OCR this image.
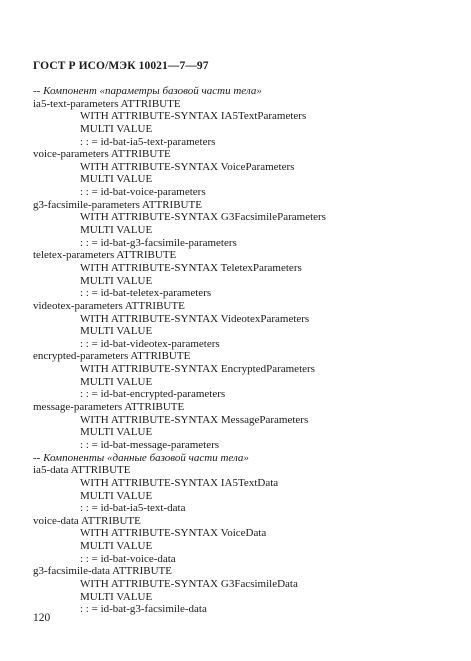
ГОСТ Р ИСО/МЭК 10021—7—97
-- Компонент «параметры базовой части тела»
ia5-text-parameters ATTRIBUTE
WITH ATTRIBUTE-SYNTAX IA5TextParameters
MULTI VALUE
: : = id-bat-ia5-text-parameters
voice-parameters ATTRIBUTE
WITH ATTRIBUTE-SYNTAX VoiceParameters
MULTI VALUE
: : = id-bat-voice-parameters
g3-facsimile-parameters ATTRIBUTE
WITH ATTRIBUTE-SYNTAX G3FacsimileParameters
MULTI VALUE
: : = id-bat-g3-facsimile-parameters
teletex-parameters ATTRIBUTE
WITH ATTRIBUTE-SYNTAX TeletexParameters
MULTI VALUE
: : = id-bat-teletex-parameters
videotex-parameters ATTRIBUTE
WITH ATTRIBUTE-SYNTAX VideotexParameters
MULTI VALUE
: : = id-bat-videotex-parameters
encrypted-parameters ATTRIBUTE
WITH ATTRIBUTE-SYNTAX EncryptedParameters
MULTI VALUE
: : = id-bat-encrypted-parameters
message-parameters ATTRIBUTE
WITH ATTRIBUTE-SYNTAX MessageParameters
MULTI VALUE
: : = id-bat-message-parameters
-- Компоненты «данные базовой части тела»
ia5-data ATTRIBUTE
WITH ATTRIBUTE-SYNTAX IA5TextData
MULTI VALUE
: : = id-bat-ia5-text-data
voice-data ATTRIBUTE
WITH ATTRIBUTE-SYNTAX VoiceData
MULTI VALUE
: : = id-bat-voice-data
g3-facsimile-data ATTRIBUTE
WITH ATTRIBUTE-SYNTAX G3FacsimileData
MULTI VALUE
: : = id-bat-g3-facsimile-data
120
